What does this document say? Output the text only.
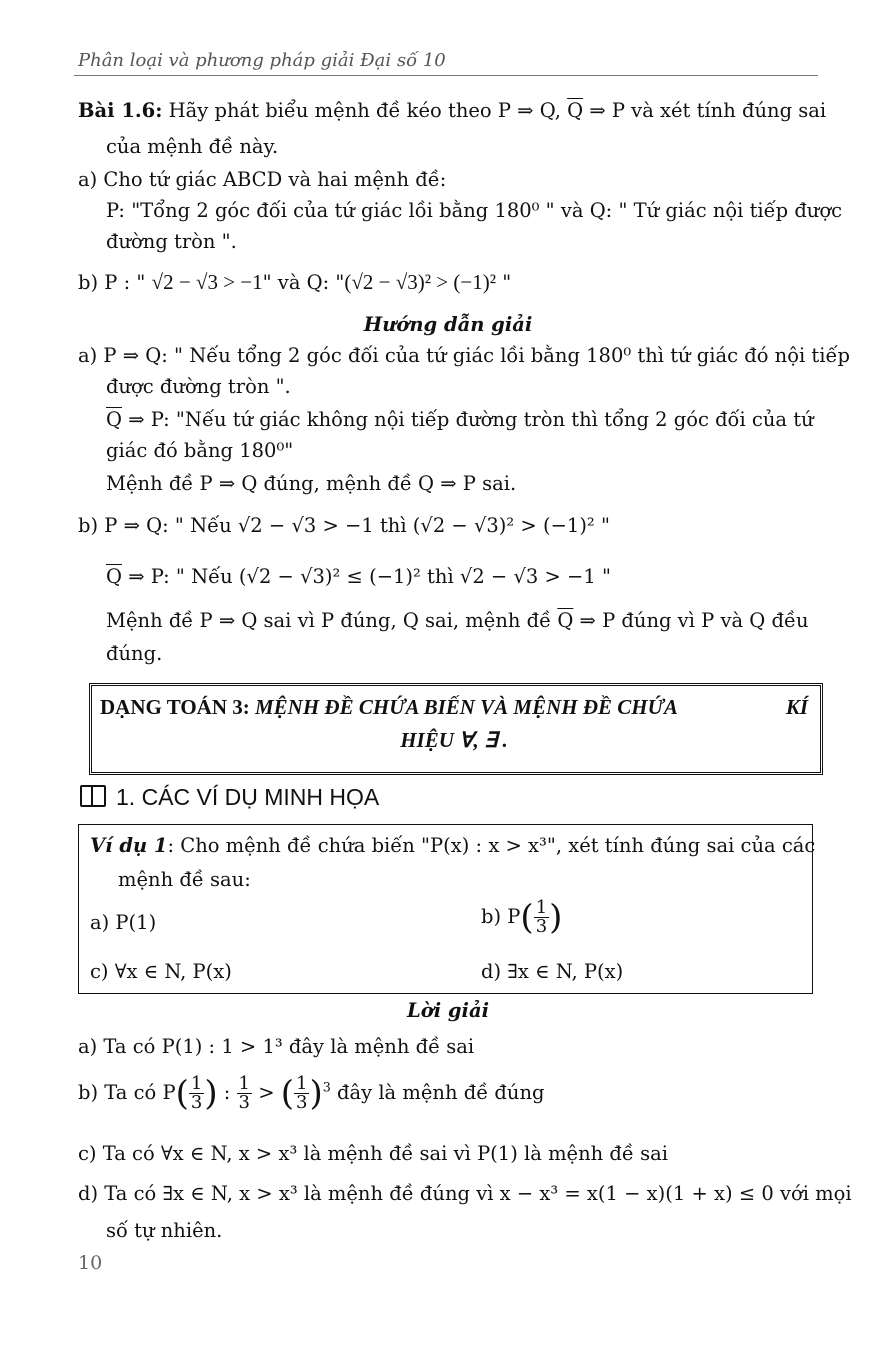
Phân loại và phương pháp giải Đại số 10
Bài 1.6: Hãy phát biểu mệnh đề kéo theo P ⇒ Q, $\overline{Q}$ ⇒ P và xét tính đúng sai
của mệnh đề này.
a) Cho tứ giác ABCD và hai mệnh đề:
P: "Tổng 2 góc đối của tứ giác lồi bằng 180⁰ " và Q: " Tứ giác nội tiếp được
đường tròn ".
b) P : " √2 − √3 > −1" và Q: "(√2 − √3)² > (−1)² "
Hướng dẫn giải
a) P ⇒ Q: " Nếu tổng 2 góc đối của tứ giác lồi bằng 180⁰ thì tứ giác đó nội tiếp
được đường tròn ".
$\overline{Q}$ ⇒ P: "Nếu tứ giác không nội tiếp đường tròn thì tổng 2 góc đối của tứ
giác đó bằng 180⁰"
Mệnh đề P ⇒ Q đúng, mệnh đề Q ⇒ P sai.
b) P ⇒ Q: " Nếu √2 − √3 > −1 thì (√2 − √3)² > (−1)² "
$\overline{Q}$ ⇒ P: " Nếu (√2 − √3)² ≤ (−1)² thì √2 − √3 > −1 "
Mệnh đề P ⇒ Q sai vì P đúng, Q sai, mệnh đề $\overline{Q}$ ⇒ P đúng vì P và Q đều
đúng.
DẠNG TOÁN 3: MỆNH ĐỀ CHỨA BIẾN VÀ MỆNH ĐỀ CHỨA	KÍ
HIỆU ∀, ∃ .
1. CÁC VÍ DỤ MINH HỌA
Ví dụ 1: Cho mệnh đề chứa biến "P(x) : x > x³", xét tính đúng sai của các
mệnh đề sau:
a) P(1)	b) $P( \frac{1}{3}$ )
c) ∀x ∈ N, P(x)	d) ∃x ∈ N, P(x)
Lời giải
a) Ta có P(1) : 1 > 1³ đây là mệnh đề sai
b) Ta có $P( \frac{1}{3}$ ) : $\frac{1}{3}$ > ( $\frac{1}{3} )^3$ đây là mệnh đề đúng
c) Ta có ∀x ∈ N, x > x³ là mệnh đề sai vì P(1) là mệnh đề sai
d) Ta có ∃x ∈ N, x > x³ là mệnh đề đúng vì x − x³ = x(1 − x)(1 + x) ≤ 0 với mọi
số tự nhiên.
10
